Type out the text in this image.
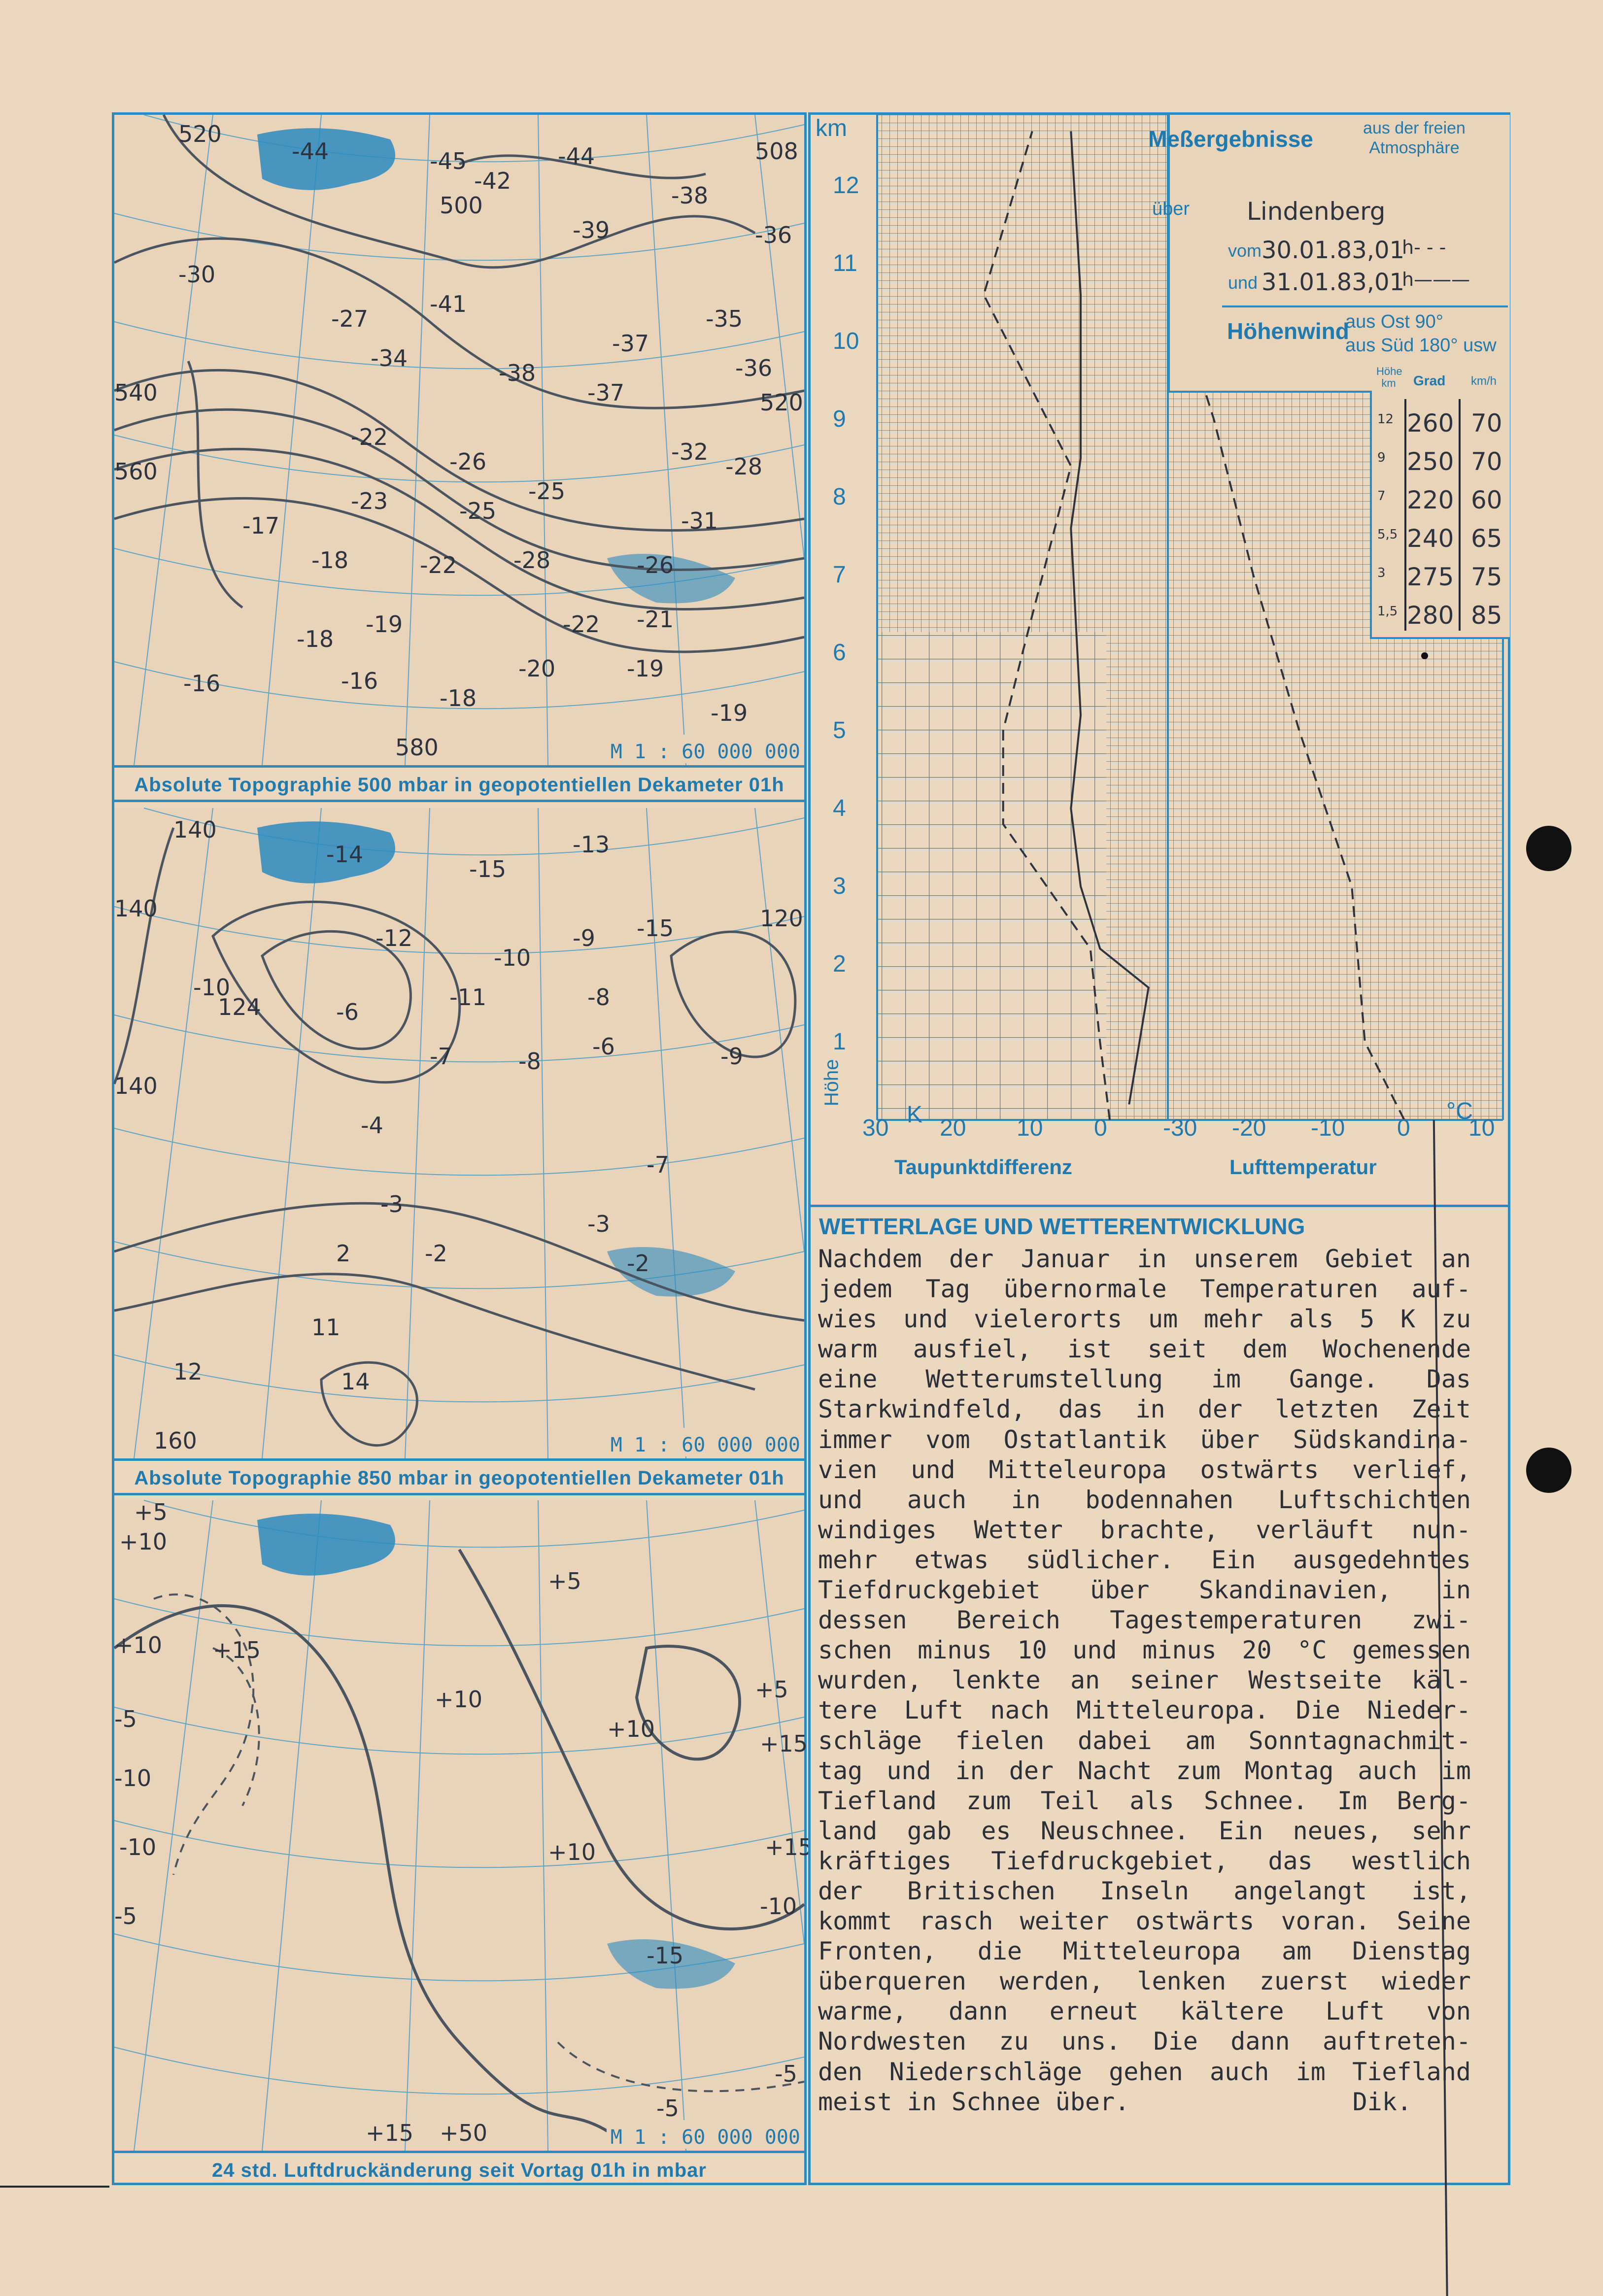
520
-44	-45	-44	508
-42
500	-38
-39	-36
-30
-41
-27
-37
-35
-34
-38
-37
-36
540
-22
-26
520
-32
560	-28
-23	-25	-31
-17
-25
-18	-22 -28	-26
-18
-19	-22 -21
-16	-16	-20	-19
-19
-18
580	M 1 : 60 000 000
Absolute Topographie 500 mbar in geopotentiellen Dekameter 01h
140
-14	-13
-15
120
140
-12	-15
-10
-9
-10	-8
124	-6
-11
-9
-6
-7	-8
140
-4
-3
-7
-2
-3
-2
2
11
12	14
160	M 1 : 60 000 000
Absolute Topographie 850 mbar in geopotentiellen Dekameter 01h
+5
+10
+10 +15
+5
-5
+10
+10
+5
+15
-10
-10	+15
+10
-5	-10
-15
-5
-5
+15 +50	M 1 : 60 000 000
24 std. Luftdruckänderung seit Vortag 01h in mbar
km
12
11
10
9
8
7
6
5
4
3
2
1
Höhe
30 20 10 0 -30 -20 -10 0 10
K	°C
Taupunktdifferenz	Lufttemperatur
Meßergebnisse	aus der freien Atmosphäre
über Lindenberg
vom 30.01.83,01
h- - -
und 31.01.83,01
h———
Höhenwind
aus Ost 90°
aus Süd 180° usw
Höhe km	Grad km/h
12 260 70
9 250 70
7 220 60
5,5 240 65
3 275 75
1,5 280 85
WETTERLAGE UND WETTERENTWICKLUNG
Nachdem der Januar in unserem Gebiet an
jedem Tag übernormale Temperaturen auf-
wies und vielerorts um mehr als 5 K zu
warm ausfiel, ist seit dem Wochenende
eine Wetterumstellung im Gange. Das
Starkwindfeld, das in der letzten Zeit
immer vom Ostatlantik über Südskandina-
vien und Mitteleuropa ostwärts verlief,
und auch in bodennahen Luftschichten
windiges Wetter brachte, verläuft nun-
mehr etwas südlicher. Ein ausgedehntes
Tiefdruckgebiet über Skandinavien, in
dessen Bereich Tagestemperaturen zwi-
schen minus 10 und minus 20 °C gemessen
wurden, lenkte an seiner Westseite käl-
tere Luft nach Mitteleuropa. Die Nieder-
schläge fielen dabei am Sonntagnachmit-
tag und in der Nacht zum Montag auch im
Tiefland zum Teil als Schnee. Im Berg-
land gab es Neuschnee. Ein neues, sehr
kräftiges Tiefdruckgebiet, das westlich
der Britischen Inseln angelangt ist,
kommt rasch weiter ostwärts voran. Seine
Fronten, die Mitteleuropa am Dienstag
überqueren werden, lenken zuerst wieder
warme, dann erneut kältere Luft von
Nordwesten zu uns. Die dann auftreten-
den Niederschläge gehen auch im Tiefland
meist in Schnee über.	Dik.
